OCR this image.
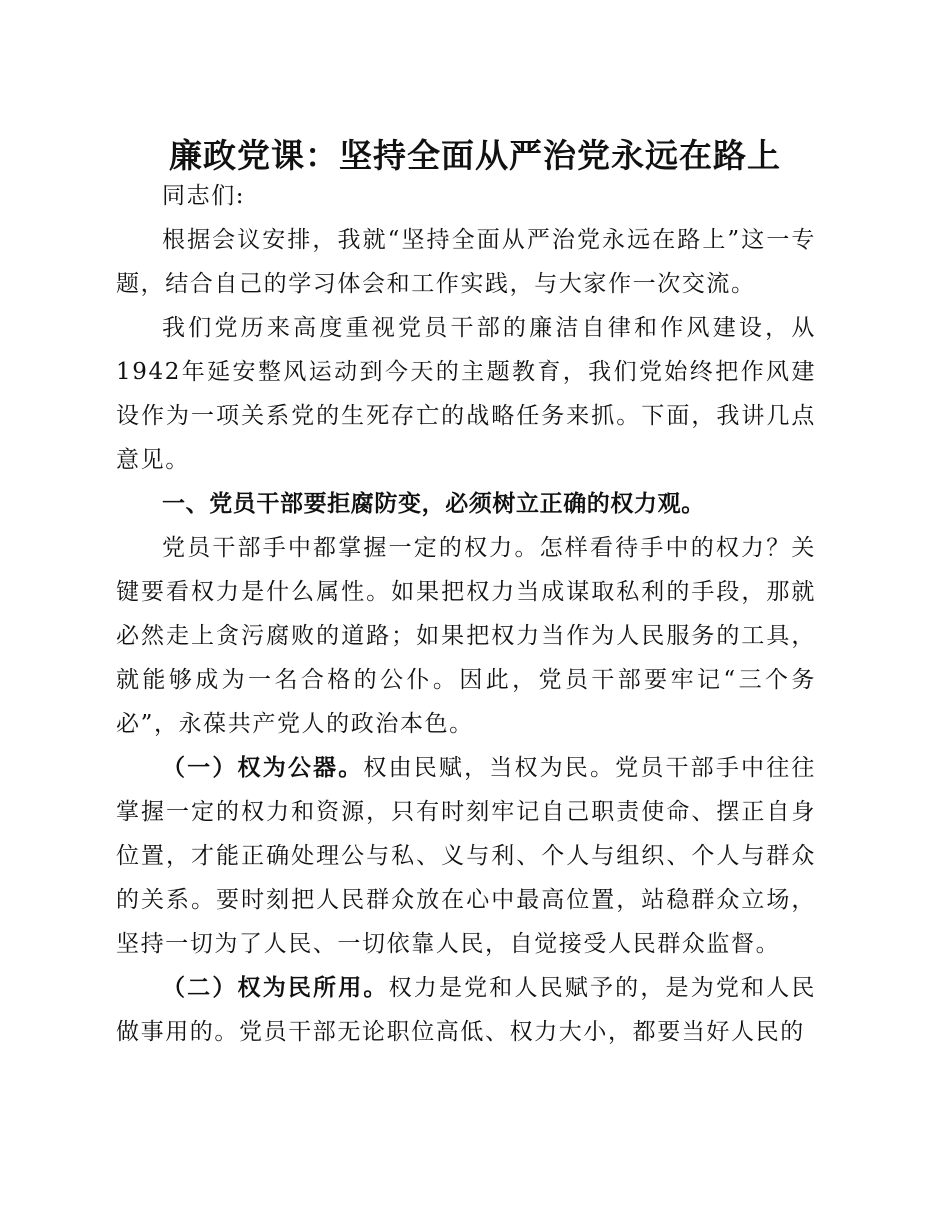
廉政党课：坚持全面从严治党永远在路上

同志们:

根据会议安排，我就“坚持全面从严治党永远在路上”这一专题，结合自己的学习体会和工作实践，与大家作一次交流。

我们党历来高度重视党员干部的廉洁自律和作风建设，从1942年延安整风运动到今天的主题教育，我们党始终把作风建设作为一项关系党的生死存亡的战略任务来抓。下面，我讲几点意见。

一、党员干部要拒腐防变，必须树立正确的权力观。

党员干部手中都掌握一定的权力。怎样看待手中的权力？关键要看权力是什么属性。如果把权力当成谋取私利的手段，那就必然走上贪污腐败的道路；如果把权力当作为人民服务的工具，就能够成为一名合格的公仆。因此，党员干部要牢记“三个务必”，永葆共产党人的政治本色。

（一）权为公器。权由民赋，当权为民。党员干部手中往往掌握一定的权力和资源，只有时刻牢记自己职责使命、摆正自身位置，才能正确处理公与私、义与利、个人与组织、个人与群众的关系。要时刻把人民群众放在心中最高位置，站稳群众立场，坚持一切为了人民、一切依靠人民，自觉接受人民群众监督。

（二）权为民所用。权力是党和人民赋予的，是为党和人民做事用的。党员干部无论职位高低、权力大小，都要当好人民的
